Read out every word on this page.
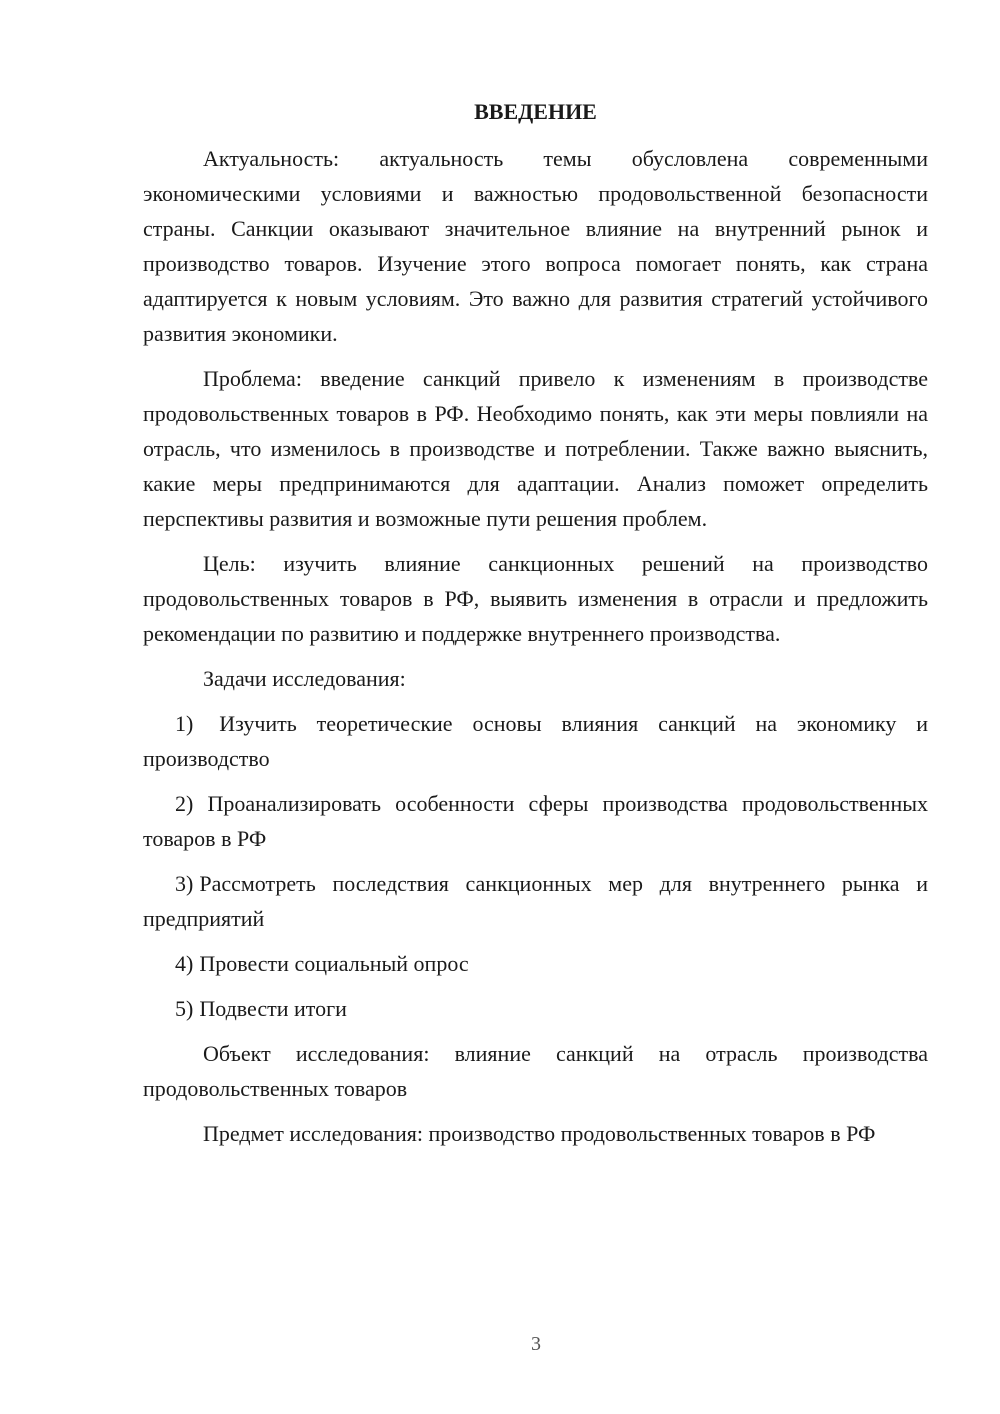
ВВЕДЕНИЕ

Актуальность: актуальность темы обусловлена современными экономическими условиями и важностью продовольственной безопасности страны. Санкции оказывают значительное влияние на внутренний рынок и производство товаров. Изучение этого вопроса помогает понять, как страна адаптируется к новым условиям. Это важно для развития стратегий устойчивого развития экономики.

Проблема: введение санкций привело к изменениям в производстве продовольственных товаров в РФ. Необходимо понять, как эти меры повлияли на отрасль, что изменилось в производстве и потреблении. Также важно выяснить, какие меры предпринимаются для адаптации. Анализ поможет определить перспективы развития и возможные пути решения проблем.

Цель: изучить влияние санкционных решений на производство продовольственных товаров в РФ, выявить изменения в отрасли и предложить рекомендации по развитию и поддержке внутреннего производства.

Задачи исследования:

1) Изучить теоретические основы влияния санкций на экономику и производство

2) Проанализировать особенности сферы производства продовольственных товаров в РФ

3) Рассмотреть последствия санкционных мер для внутреннего рынка и предприятий

4) Провести социальный опрос

5) Подвести итоги

Объект исследования: влияние санкций на отрасль производства продовольственных товаров

Предмет исследования: производство продовольственных товаров в РФ

3
